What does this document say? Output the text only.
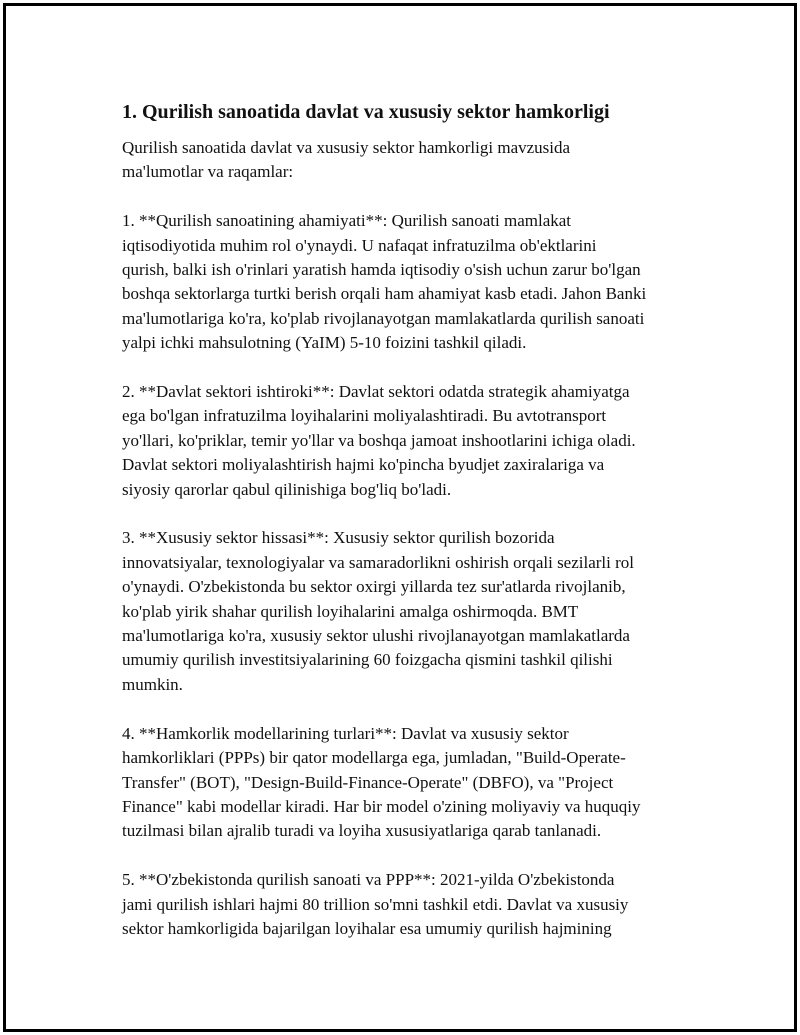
1. Qurilish sanoatida davlat va xususiy sektor hamkorligi

Qurilish sanoatida davlat va xususiy sektor hamkorligi mavzusida
ma'lumotlar va raqamlar:

1. **Qurilish sanoatining ahamiyati**: Qurilish sanoati mamlakat
iqtisodiyotida muhim rol o'ynaydi. U nafaqat infratuzilma ob'ektlarini
qurish, balki ish o'rinlari yaratish hamda iqtisodiy o'sish uchun zarur bo'lgan
boshqa sektorlarga turtki berish orqali ham ahamiyat kasb etadi. Jahon Banki
ma'lumotlariga ko'ra, ko'plab rivojlanayotgan mamlakatlarda qurilish sanoati
yalpi ichki mahsulotning (YaIM) 5-10 foizini tashkil qiladi.

2. **Davlat sektori ishtiroki**: Davlat sektori odatda strategik ahamiyatga
ega bo'lgan infratuzilma loyihalarini moliyalashtiradi. Bu avtotransport
yo'llari, ko'priklar, temir yo'llar va boshqa jamoat inshootlarini ichiga oladi.
Davlat sektori moliyalashtirish hajmi ko'pincha byudjet zaxiralariga va
siyosiy qarorlar qabul qilinishiga bog'liq bo'ladi.

3. **Xususiy sektor hissasi**: Xususiy sektor qurilish bozorida
innovatsiyalar, texnologiyalar va samaradorlikni oshirish orqali sezilarli rol
o'ynaydi. O'zbekistonda bu sektor oxirgi yillarda tez sur'atlarda rivojlanib,
ko'plab yirik shahar qurilish loyihalarini amalga oshirmoqda. BMT
ma'lumotlariga ko'ra, xususiy sektor ulushi rivojlanayotgan mamlakatlarda
umumiy qurilish investitsiyalarining 60 foizgacha qismini tashkil qilishi
mumkin.

4. **Hamkorlik modellarining turlari**: Davlat va xususiy sektor
hamkorliklari (PPPs) bir qator modellarga ega, jumladan, "Build-Operate-
Transfer" (BOT), "Design-Build-Finance-Operate" (DBFO), va "Project
Finance" kabi modellar kiradi. Har bir model o'zining moliyaviy va huquqiy
tuzilmasi bilan ajralib turadi va loyiha xususiyatlariga qarab tanlanadi.

5. **O'zbekistonda qurilish sanoati va PPP**: 2021-yilda O'zbekistonda
jami qurilish ishlari hajmi 80 trillion so'mni tashkil etdi. Davlat va xususiy
sektor hamkorligida bajarilgan loyihalar esa umumiy qurilish hajmining
